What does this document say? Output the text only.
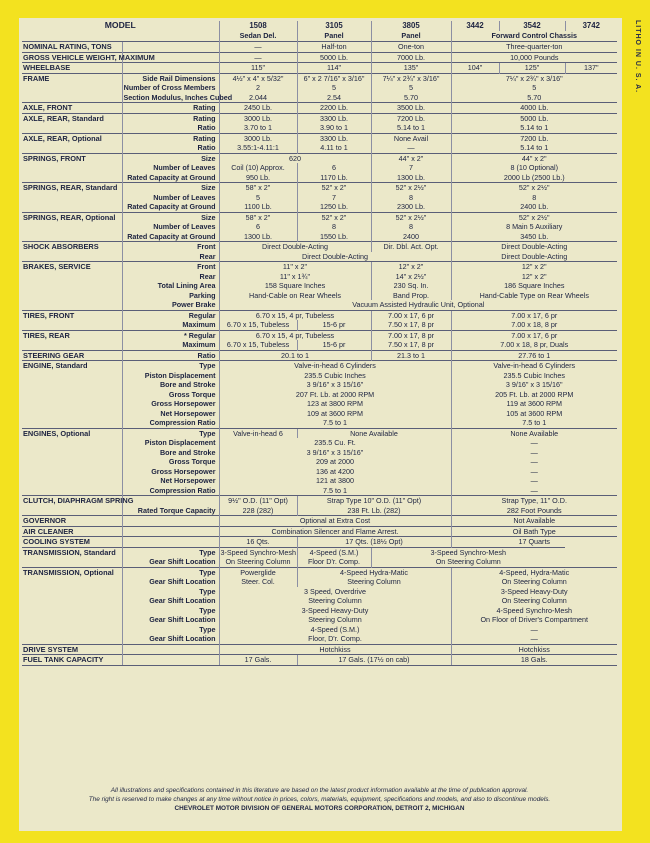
LITHO IN U. S. A.
MODEL		1508	3105	3805	3442	3542	3742
		Sedan Del.	Panel	Panel	Forward Control Chassis		
NOMINAL RATING, TONS		—	Half-ton	One-ton	Three-quarter-ton		
GROSS VEHICLE WEIGHT, MAXIMUM		—	5000 Lb.	7000 Lb.	10,000 Pounds		
WHEELBASE		115"	114"	135"	104"	125"	137"
FRAME	Side Rail Dimensions	4½" x 4" x 5/32"	6" x 2 7/16" x 3/16"	7¼" x 2¾" x 3/16"	7¼" x 2¾" x 3/16"		
	Number of Cross Members	2	5	5	5		
	Section Modulus, Inches Cubed	2.044	2.54	5.70	5.70		
AXLE, FRONT	Rating	2450 Lb.	2200 Lb.	3500 Lb.	4000 Lb.		
AXLE, REAR, Standard	Rating	3000 Lb.	3300 Lb.	7200 Lb.	5000 Lb.		
	Ratio	3.70 to 1	3.90 to 1	5.14 to 1	5.14 to 1		
AXLE, REAR, Optional	Rating	3000 Lb.	3300 Lb.	None Avail	7200 Lb.		
	Ratio	3.55:1-4.11:1	4.11 to 1	—	5.14 to 1		
SPRINGS, FRONT	Size	620		44" x 2"	44" x 2"		
	Number of Leaves	Coil (10) Approx.	6	7	8 (10 Optional)		
	Rated Capacity at Ground	950 Lb.	1170 Lb.	1300 Lb.	2000 Lb (2500 Lb.)		
SPRINGS, REAR, Standard	Size	58" x 2"	52" x 2"	52" x 2½"	52" x 2½"		
	Number of Leaves	5	7	8	8		
	Rated Capacity at Ground	1100 Lb.	1250 Lb.	2300 Lb.	2400 Lb.		
SPRINGS, REAR, Optional	Size	58" x 2"	52" x 2"	52" x 2½"	52" x 2½"		
	Number of Leaves	6	8	8	8 Main 5 Auxiliary		
	Rated Capacity at Ground	1300 Lb.	1550 Lb.	2400	3450 Lb.		
SHOCK ABSORBERS	Front	Direct Double-Acting		Dir. Dbl. Act. Opt.	Direct Double-Acting		
	Rear	Direct Double-Acting			Direct Double-Acting		
BRAKES, SERVICE	Front	11" x 2"		12" x 2"	12" x 2"		
	Rear	11" x 1¾"		14" x 2½"	12" x 2"		
	Total Lining Area	158 Square Inches		230 Sq. In.	186 Square Inches		
	Parking	Hand-Cable on Rear Wheels		Band Prop.	Hand-Cable Type on Rear Wheels		
	Power Brake	Vacuum Assisted Hydraulic Unit, Optional					
TIRES, FRONT	Regular	6.70 x 15, 4 pr, Tubeless		7.00 x 17, 6 pr	7.00 x 17, 6 pr		
	Maximum	6.70 x 15, Tubeless	15-6 pr	7.50 x 17, 8 pr	7.00 x 18, 8 pr		
TIRES, REAR	* Regular	6.70 x 15, 4 pr, Tubeless		7.00 x 17, 8 pr	7.00 x 17, 6 pr		
	Maximum	6.70 x 15, Tubeless	15-6 pr	7.50 x 17, 8 pr	7.00 x 18, 8 pr, Duals		
STEERING GEAR	Ratio	20.1 to 1		21.3 to 1	27.76 to 1		
ENGINE, Standard	Type	Valve-in-head 6 Cylinders			Valve-in-head 6 Cylinders		
	Piston Displacement	235.5 Cubic Inches			235.5 Cubic Inches		
	Bore and Stroke	3 9/16" x 3 15/16"			3 9/16" x 3 15/16"		
	Gross Torque	207 Ft. Lb. at 2000 RPM			205 Ft. Lb. at 2000 RPM		
	Gross Horsepower	123 at 3800 RPM			119 at 3600 RPM		
	Net Horsepower	109 at 3600 RPM			105 at 3600 RPM		
	Compression Ratio	7.5 to 1			7.5 to 1		
ENGINES, Optional	Type	Valve-in-head 6	None Available		None Available		
	Piston Displacement	235.5 Cu. Ft.			—		
	Bore and Stroke	3 9/16" x 3 15/16"			—		
	Gross Torque	209 at 2000			—		
	Gross Horsepower	136 at 4200			—		
	Net Horsepower	121 at 3800			—		
	Compression Ratio	7.5 to 1			—		
CLUTCH, DIAPHRAGM SPRING		9½" O.D. (11" Opt)	Strap Type 10" O.D. (11" Opt)		Strap Type, 11" O.D.		
	Rated Torque Capacity	228 (282)	238 Ft. Lb. (282)		282 Foot Pounds		
GOVERNOR		Optional at Extra Cost			Not Available		
AIR CLEANER		Combination Silencer and Flame Arrest.			Oil Bath Type		
COOLING SYSTEM		16 Qts.	17 Qts. (18½ Opt)		17 Quarts		
TRANSMISSION, Standard	Type	3-Speed Synchro-Mesh	4-Speed (S.M.)	3-Speed Synchro-Mesh			
	Gear Shift Location	On Steering Column	Floor D'r. Comp.	On Steering Column			
TRANSMISSION, Optional	Type	Powerglide	4-Speed Hydra-Matic		4-Speed, Hydra-Matic		
	Gear Shift Location	Steer. Col.	Steering Column		On Steering Column		
	Type	3 Speed, Overdrive			3-Speed Heavy-Duty		
	Gear Shift Location	Steering Column			On Steering Column		
	Type	3-Speed Heavy-Duty			4-Speed Synchro-Mesh		
	Gear Shift Location	Steering Column			On Floor of Driver's Compartment		
	Type	4-Speed (S.M.)			—		
	Gear Shift Location	Floor, D'r. Comp.			—		
DRIVE SYSTEM		Hotchkiss			Hotchkiss		
FUEL TANK CAPACITY		17 Gals.	17 Gals. (17½ on cab)		18 Gals.		
All illustrations and specifications contained in this literature are based on the latest product information available at the time of publication approval.
The right is reserved to make changes at any time without notice in prices, colors, materials, equipment, specifications and models, and also to discontinue models.
CHEVROLET MOTOR DIVISION OF GENERAL MOTORS CORPORATION, DETROIT 2, MICHIGAN
